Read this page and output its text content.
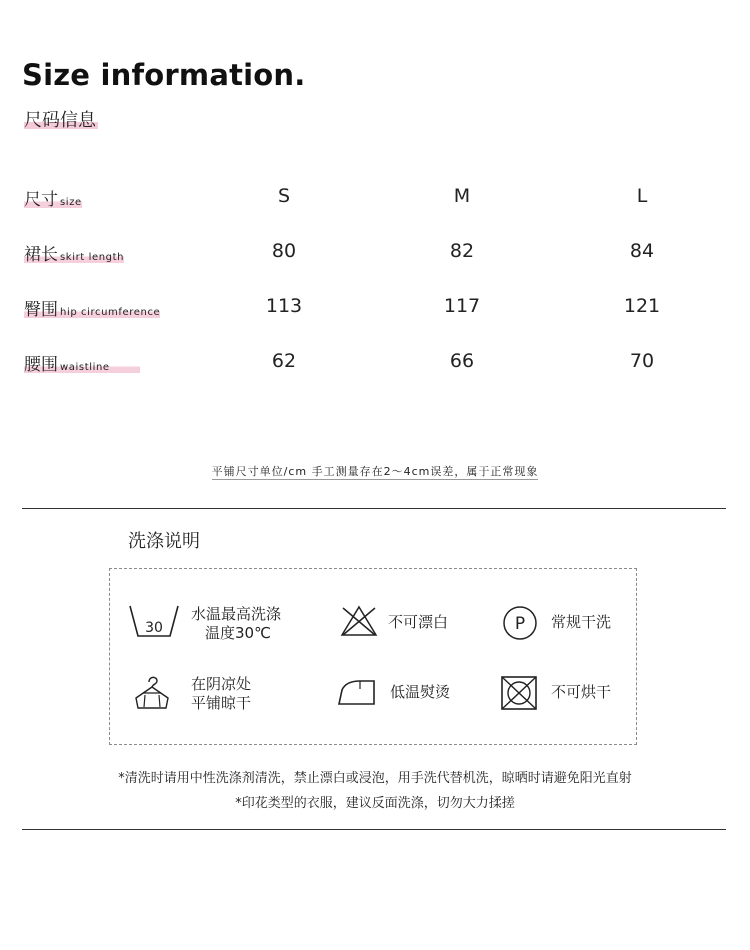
Size information.
尺码信息
尺寸 size	S	M	L
裙长 skirt length	80	82	84
臀围 hip circumference	113	117	121
腰围 waistline	62	66	70
平铺尺寸单位/cm 手工测量存在2～4cm误差，属于正常现象
洗涤说明
30
水温最高洗涤
温度30℃
不可漂白	P 常规干洗
在阴凉处
平铺晾干
低温熨烫	不可烘干
*清洗时请用中性洗涤剂清洗，禁止漂白或浸泡，用手洗代替机洗，晾晒时请避免阳光直射
*印花类型的衣服，建议反面洗涤，切勿大力揉搓
